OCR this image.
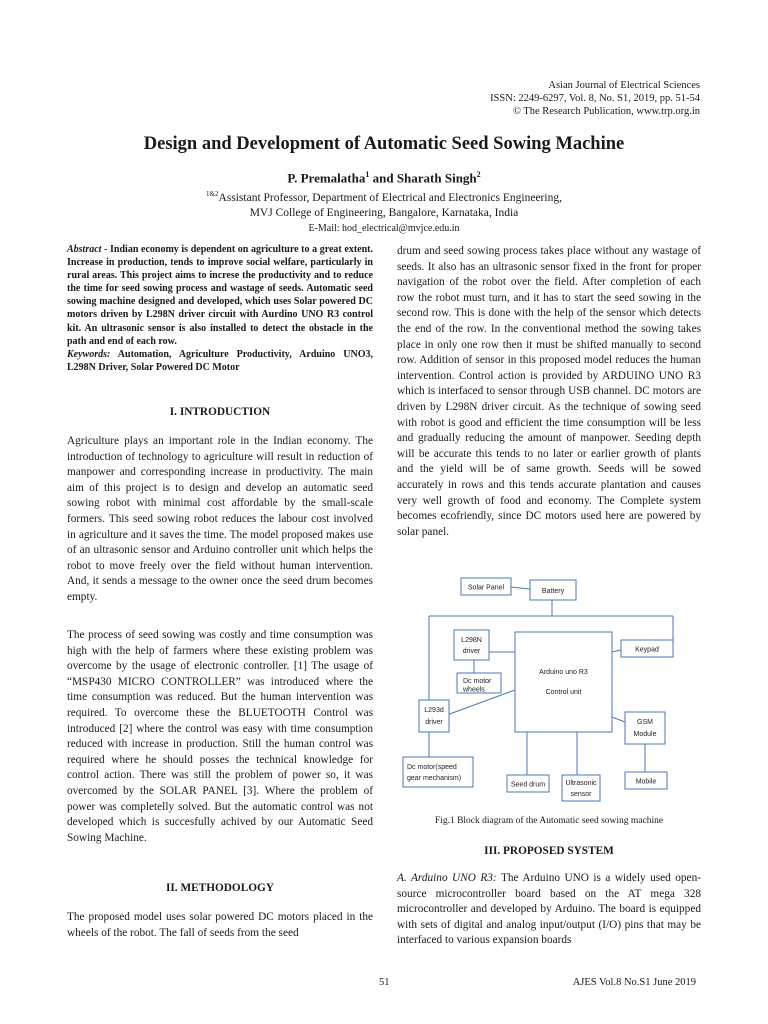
Asian Journal of Electrical Sciences
ISSN: 2249-6297, Vol. 8, No. S1, 2019, pp. 51-54
© The Research Publication, www.trp.org.in
Design and Development of Automatic Seed Sowing Machine
P. Premalatha$^1$ and Sharath Singh$^2$
$^{1\&2}$Assistant Professor, Department of Electrical and Electronics Engineering,
MVJ College of Engineering, Bangalore, Karnataka, India
E-Mail: hod_electrical@mvjce.edu.in

Abstract - Indian economy is dependent on agriculture to a great extent. Increase in production, tends to improve social welfare, particularly in rural areas. This project aims to increse the productivity and to reduce the time for seed sowing process and wastage of seeds. Automatic seed sowing machine designed and developed, which uses Solar powered DC motors driven by L298N driver circuit with Aurdino UNO R3 control kit. An ultrasonic sensor is also installed to detect the obstacle in the path and end of each row.
Keywords: Automation, Agriculture Productivity, Arduino UNO3, L298N Driver, Solar Powered DC Motor

I. INTRODUCTION

Agriculture plays an important role in the Indian economy. The introduction of technology to agriculture will result in reduction of manpower and corresponding increase in productivity. The main aim of this project is to design and develop an automatic seed sowing robot with minimal cost affordable by the small-scale formers. This seed sowing robot reduces the labour cost involved in agriculture and it saves the time. The model proposed makes use of an ultrasonic sensor and Arduino controller unit which helps the robot to move freely over the field without human intervention. And, it sends a message to the owner once the seed drum becomes empty.

The process of seed sowing was costly and time consumption was high with the help of farmers where these existing problem was overcome by the usage of electronic controller. [1] The usage of “MSP430 MICRO CONTROLLER” was introduced where the time consumption was reduced. But the human intervention was required. To overcome these the BLUETOOTH Control was introduced [2] where the control was easy with time consumption reduced with increase in production. Still the human control was required where he should posses the technical knowledge for control action. There was still the problem of power so, it was overcomed by the SOLAR PANEL [3]. Where the problem of power was completelly solved. But the automatic control was not developed which is succesfully achived by our Automatic Seed Sowing Machine.

II. METHODOLOGY

The proposed model uses solar powered DC motors placed in the wheels of the robot. The fall of seeds from the seed

drum and seed sowing process takes place without any wastage of seeds. It also has an ultrasonic sensor fixed in the front for proper navigation of the robot over the field. After completion of each row the robot must turn, and it has to start the seed sowing in the second row. This is done with the help of the sensor which detects the end of the row. In the conventional method the sowing takes place in only one row then it must be shifted manually to second row. Addition of sensor in this proposed model reduces the human intervention. Control action is provided by ARDUINO UNO R3 which is interfaced to sensor through USB channel. DC motors are driven by L298N driver circuit. As the technique of sowing seed with robot is good and efficient the time consumption will be less and gradually reducing the amount of manpower. Seeding depth will be accurate this tends to no later or earlier growth of plants and the yield will be of same growth. Seeds will be sowed accurately in rows and this tends accurate plantation and causes very well growth of food and economy. The Complete system becomes ecofriendly, since DC motors used here are powered by solar panel.

Solar Panel	Battery
L298N
driver
Arduino uno R3
Control unit
Keypad
Dc motor
wheels
L293d
driver	GSM
Module
Dc motor(speed
gear mechanism)
Seed drum	Ultrasonic
sensor
Mobile
Fig.1 Block diagram of the Automatic seed sowing machine
III. PROPOSED SYSTEM

A. Arduino UNO R3: The Arduino UNO is a widely used open-source microcontroller board based on the AT mega 328 microcontroller and developed by Arduino. The board is equipped with sets of digital and analog input/output (I/O) pins that may be interfaced to various expansion boards

51	AJES Vol.8 No.S1 June 2019
